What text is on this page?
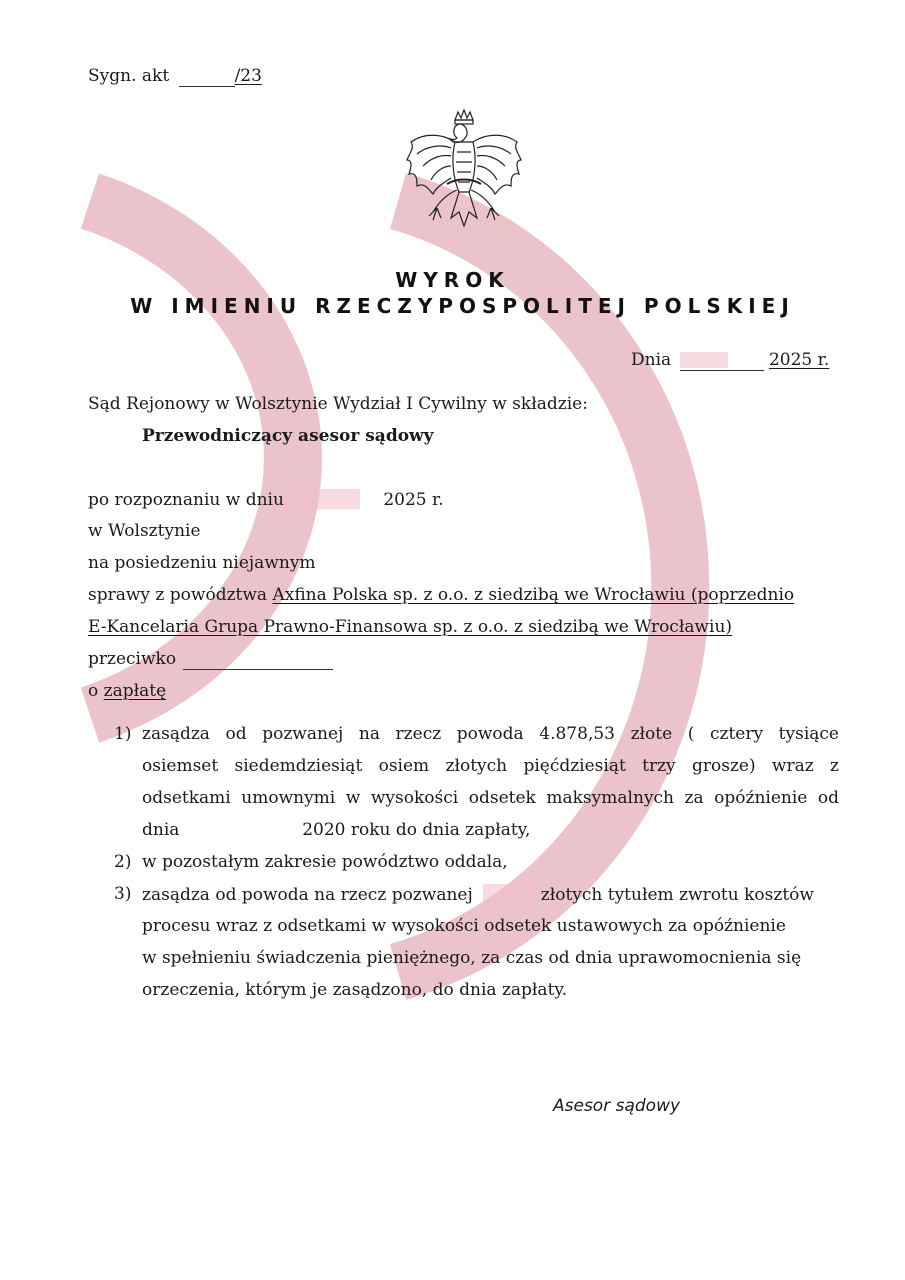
Sygn. akt	/23
WYROK
W IMIENIU RZECZYPOSPOLITEJ POLSKIEJ
Dnia	2025 r.
Sąd Rejonowy w Wolsztynie Wydział I Cywilny w składzie:
Przewodniczący asesor sądowy
po rozpoznaniu w dniu	2025 r.
w Wolsztynie
na posiedzeniu niejawnym
sprawy z powództwa Axfina Polska sp. z o.o. z siedzibą we Wrocławiu (poprzednio
E-Kancelaria Grupa Prawno-Finansowa sp. z o.o. z siedzibą we Wrocławiu)
przeciwko
o zapłatę
1) zasądza od pozwanej na rzecz powoda 4.878,53 złote ( cztery tysiące
osiemset siedemdziesiąt osiem złotych pięćdziesiąt trzy grosze) wraz z
odsetkami umownymi w wysokości odsetek maksymalnych za opóźnienie od
dnia	2020 roku do dnia zapłaty,
2) w pozostałym zakresie powództwo oddala,
3) zasądza od powoda na rzecz pozwanej	złotych tytułem zwrotu kosztów
procesu wraz z odsetkami w wysokości odsetek ustawowych za opóźnienie
w spełnieniu świadczenia pieniężnego, za czas od dnia uprawomocnienia się
orzeczenia, którym je zasądzono, do dnia zapłaty.
Asesor sądowy
